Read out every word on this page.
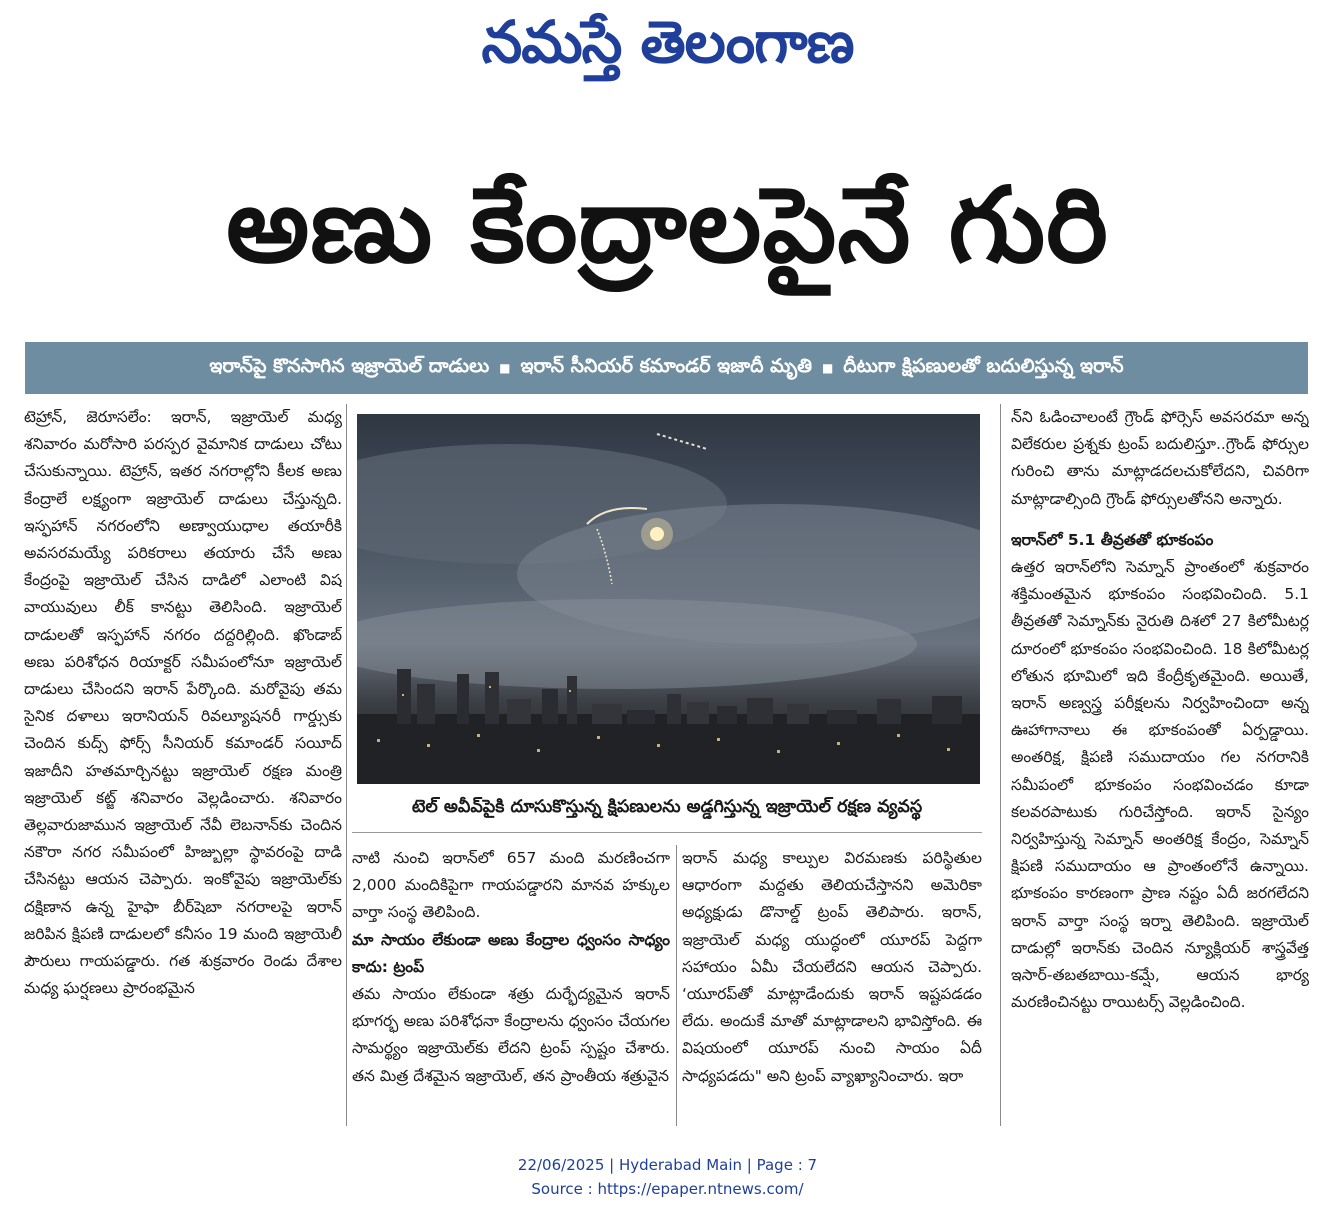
నమస్తే తెలంగాణ
అణు కేంద్రాలపైనే గురి
ఇరాన్‌పై కొనసాగిన ఇజ్రాయెల్ దాడులు ■ ఇరాన్ సీనియర్ కమాండర్ ఇజాదీ మృతి ■ దీటుగా క్షిపణులతో బదులిస్తున్న ఇరాన్

టెహ్రాన్, జెరూసలేం: ఇరాన్, ఇజ్రాయెల్ మధ్య శనివారం మరోసారి పరస్పర వైమానిక దాడులు చోటు చేసుకున్నాయి. టెహ్రాన్, ఇతర నగరాల్లోని కీలక అణు కేంద్రాలే లక్ష్యంగా ఇజ్రాయెల్ దాడులు చేస్తున్నది. ఇస్ఫహాన్ నగరంలోని అణ్వాయుధాల తయారీకి అవసరమయ్యే పరికరాలు తయారు చేసే అణు కేంద్రంపై ఇజ్రాయెల్ చేసిన దాడిలో ఎలాంటి విష వాయువులు లీక్ కానట్టు తెలిసింది. ఇజ్రాయెల్ దాడులతో ఇస్ఫహాన్ నగరం దద్దరిల్లింది. ఖొండాబ్ అణు పరిశోధన రియాక్టర్ సమీపంలోనూ ఇజ్రాయెల్ దాడులు చేసిందని ఇరాన్ పేర్కొంది. మరోవైపు తమ సైనిక దళాలు ఇరానియన్ రివల్యూషనరీ గార్డ్సుకు చెందిన కుద్స్ ఫోర్స్ సీనియర్ కమాండర్ సయీద్ ఇజాదీని హతమార్చినట్టు ఇజ్రాయెల్ రక్షణ మంత్రి ఇజ్రాయెల్ కట్జ్ శనివారం వెల్లడించారు. శనివారం తెల్లవారుజామున ఇజ్రాయెల్ నేవీ లెబనాన్‌కు చెందిన నకౌరా నగర సమీపంలో హిజ్బుల్లా స్థావరంపై దాడి చేసినట్టు ఆయన చెప్పారు. ఇంకోవైపు ఇజ్రాయెల్‌కు దక్షిణాన ఉన్న హైఫా బీర్‌షెబా నగరాలపై ఇరాన్ జరిపిన క్షిపణి దాడులలో కనీసం 19 మంది ఇజ్రాయెలీ పౌరులు గాయపడ్డారు. గత శుక్రవారం రెండు దేశాల మధ్య ఘర్షణలు ప్రారంభమైన

టెల్ అవీవ్‌పైకి దూసుకొస్తున్న క్షిపణులను అడ్డగిస్తున్న ఇజ్రాయెల్ రక్షణ వ్యవస్థ

నాటి నుంచి ఇరాన్‌లో 657 మంది మరణించగా 2,000 మందికిపైగా గాయపడ్డారని మానవ హక్కుల వార్తా సంస్థ తెలిపింది.

మా సాయం లేకుండా అణు కేంద్రాల ధ్వంసం సాధ్యం కాదు: ట్రంప్

తమ సాయం లేకుండా శత్రు దుర్భేద్యమైన ఇరాన్ భూగర్భ అణు పరిశోధనా కేంద్రాలను ధ్వంసం చేయగల సామర్థ్యం ఇజ్రాయెల్‌కు లేదని ట్రంప్ స్పష్టం చేశారు. తన మిత్ర దేశమైన ఇజ్రాయెల్, తన ప్రాంతీయ శత్రువైన

ఇరాన్ మధ్య కాల్పుల విరమణకు పరిస్థితుల ఆధారంగా మద్దతు తెలియచేస్తానని అమెరికా అధ్యక్షుడు డొనాల్డ్ ట్రంప్ తెలిపారు. ఇరాన్, ఇజ్రాయెల్ మధ్య యుద్ధంలో యూరప్ పెద్దగా సహాయం ఏమీ చేయలేదని ఆయన చెప్పారు. ‘యూరప్‌తో మాట్లాడేందుకు ఇరాన్ ఇష్టపడడం లేదు. అందుకే మాతో మాట్లాడాలని భావిస్తోంది. ఈ విషయంలో యూరప్ నుంచి సాయం ఏదీ సాధ్యపడదు" అని ట్రంప్ వ్యాఖ్యానించారు. ఇరా

న్‌ని ఓడించాలంటే గ్రౌండ్ ఫోర్సెస్ అవసరమా అన్న విలేకరుల ప్రశ్నకు ట్రంప్ బదులిస్తూ..గ్రౌండ్ ఫోర్సుల గురించి తాను మాట్లాడదలచుకోలేదని, చివరిగా మాట్లాడాల్సింది గ్రౌండ్ ఫోర్సులతోనని అన్నారు.

ఇరాన్‌లో 5.1 తీవ్రతతో భూకంపం

ఉత్తర ఇరాన్‌లోని సెమ్నాన్ ప్రాంతంలో శుక్రవారం శక్తిమంతమైన భూకంపం సంభవించింది. 5.1 తీవ్రతతో సెమ్నాన్‌కు నైరుతి దిశలో 27 కిలోమీటర్ల దూరంలో భూకంపం సంభవించింది. 18 కిలోమీటర్ల లోతున భూమిలో ఇది కేంద్రీకృతమైంది. అయితే, ఇరాన్ అణ్వస్త్ర పరీక్షలను నిర్వహించిందా అన్న ఊహాగానాలు ఈ భూకంపంతో ఏర్పడ్డాయి. అంతరిక్ష, క్షిపణి సముదాయం గల నగరానికి సమీపంలో భూకంపం సంభవించడం కూడా కలవరపాటుకు గురిచేస్తోంది. ఇరాన్ సైన్యం నిర్వహిస్తున్న సెమ్నాన్ అంతరిక్ష కేంద్రం, సెమ్నాన్ క్షిపణి సముదాయం ఆ ప్రాంతంలోనే ఉన్నాయి. భూకంపం కారణంగా ప్రాణ నష్టం ఏదీ జరగలేదని ఇరాన్ వార్తా సంస్థ ఇర్నా తెలిపింది. ఇజ్రాయెల్ దాడుల్లో ఇరాన్‌కు చెందిన న్యూక్లియర్ శాస్త్రవేత్త ఇసార్-తబతబాయి-కమ్షే, ఆయన భార్య మరణించినట్టు రాయిటర్స్ వెల్లడించింది.

22/06/2025 | Hyderabad Main | Page : 7
Source : https://epaper.ntnews.com/
